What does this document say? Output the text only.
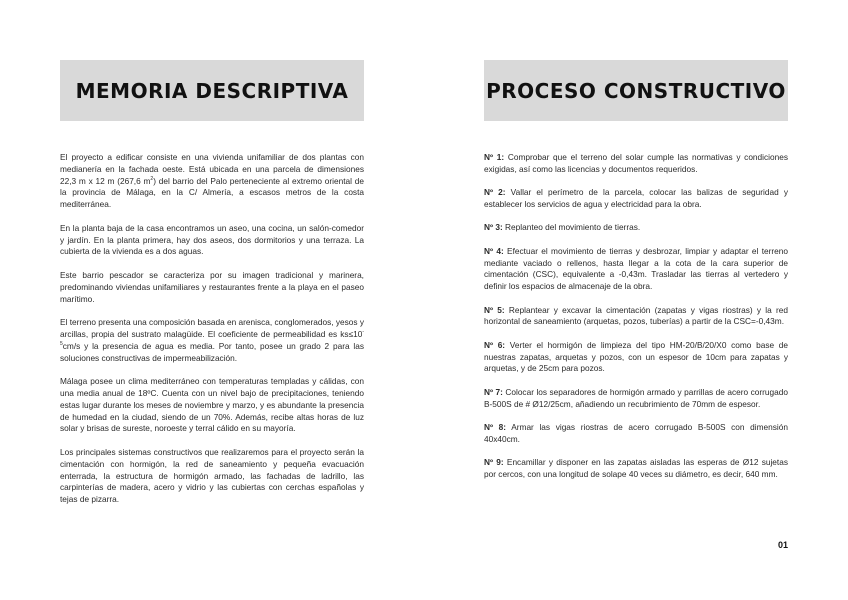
MEMORIA DESCRIPTIVA

El proyecto a edificar consiste en una vivienda unifamiliar de dos plantas con medianería en la fachada oeste. Está ubicada en una parcela de dimensiones 22,3 m x 12 m (267,6 $m^2$) del barrio del Palo perteneciente al extremo oriental de la provincia de Málaga, en la C/ Almería, a escasos metros de la costa mediterránea.

En la planta baja de la casa encontramos un aseo, una cocina, un salón-comedor y jardín. En la planta primera, hay dos aseos, dos dormitorios y una terraza. La cubierta de la vivienda es a dos aguas.

Este barrio pescador se caracteriza por su imagen tradicional y marinera, predominando viviendas unifamiliares y restaurantes frente a la playa en el paseo marítimo.

El terreno presenta una composición basada en arenisca, conglomerados, yesos y arcillas, propia del sustrato malagüide. El coeficiente de permeabilidad es $ks\le 10^{-5}cm/s$ y la presencia de agua es media. Por tanto, posee un grado 2 para las soluciones constructivas de impermeabilización.

Málaga posee un clima mediterráneo con temperaturas templadas y cálidas, con una media anual de 18ºC. Cuenta con un nivel bajo de precipitaciones, teniendo estas lugar durante los meses de noviembre y marzo, y es abundante la presencia de humedad en la ciudad, siendo de un 70%. Además, recibe altas horas de luz solar y brisas de sureste, noroeste y terral cálido en su mayoría.

Los principales sistemas constructivos que realizaremos para el proyecto serán la cimentación con hormigón, la red de saneamiento y pequeña evacuación enterrada, la estructura de hormigón armado, las fachadas de ladrillo, las carpinterías de madera, acero y vidrio y las cubiertas con cerchas españolas y tejas de pizarra.

PROCESO CONSTRUCTIVO

Nº 1: Comprobar que el terreno del solar cumple las normativas y condiciones exigidas, así como las licencias y documentos requeridos.

Nº 2: Vallar el perímetro de la parcela, colocar las balizas de seguridad y establecer los servicios de agua y electricidad para la obra.

Nº 3: Replanteo del movimiento de tierras.

Nº 4: Efectuar el movimiento de tierras y desbrozar, limpiar y adaptar el terreno mediante vaciado o rellenos, hasta llegar a la cota de la cara superior de cimentación (CSC), equivalente a -0,43m. Trasladar las tierras al vertedero y definir los espacios de almacenaje de la obra.

Nº 5: Replantear y excavar la cimentación (zapatas y vigas riostras) y la red horizontal de saneamiento (arquetas, pozos, tuberías) a partir de la CSC=-0,43m.

Nº 6: Verter el hormigón de limpieza del tipo HM-20/B/20/X0 como base de nuestras zapatas, arquetas y pozos, con un espesor de 10cm para zapatas y arquetas, y de 25cm para pozos.

Nº 7: Colocar los separadores de hormigón armado y parrillas de acero corrugado B-500S de # Ø12/25cm, añadiendo un recubrimiento de 70mm de espesor.

Nº 8: Armar las vigas riostras de acero corrugado B-500S con dimensión 40x40cm.

Nº 9: Encamillar y disponer en las zapatas aisladas las esperas de Ø12 sujetas por cercos, con una longitud de solape 40 veces su diámetro, es decir, 640 mm.

01
